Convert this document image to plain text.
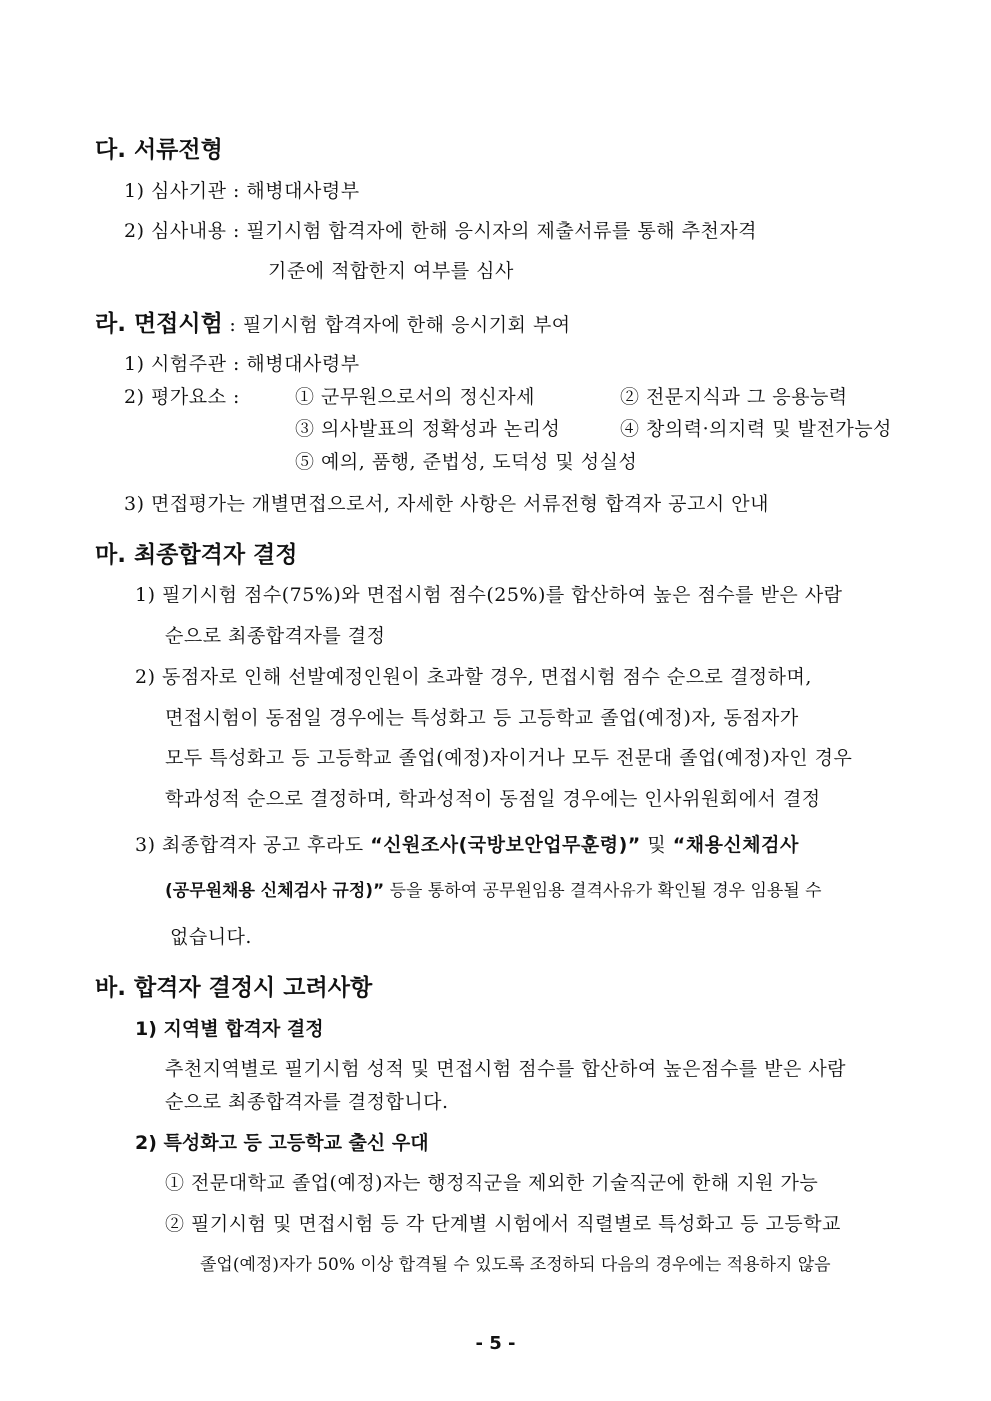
다. 서류전형
1) 심사기관 : 해병대사령부
2) 심사내용 : 필기시험 합격자에 한해 응시자의 제출서류를 통해 추천자격
기준에 적합한지 여부를 심사
라. 면접시험 : 필기시험 합격자에 한해 응시기회 부여
1) 시험주관 : 해병대사령부
2) 평가요소 :	① 군무원으로서의 정신자세	② 전문지식과 그 응용능력
③ 의사발표의 정확성과 논리성	④ 창의력·의지력 및 발전가능성
⑤ 예의, 품행, 준법성, 도덕성 및 성실성
3) 면접평가는 개별면접으로서, 자세한 사항은 서류전형 합격자 공고시 안내
마. 최종합격자 결정
1) 필기시험 점수(75%)와 면접시험 점수(25%)를 합산하여 높은 점수를 받은 사람
순으로 최종합격자를 결정
2) 동점자로 인해 선발예정인원이 초과할 경우, 면접시험 점수 순으로 결정하며,
면접시험이 동점일 경우에는 특성화고 등 고등학교 졸업(예정)자, 동점자가
모두 특성화고 등 고등학교 졸업(예정)자이거나 모두 전문대 졸업(예정)자인 경우
학과성적 순으로 결정하며, 학과성적이 동점일 경우에는 인사위원회에서 결정
3) 최종합격자 공고 후라도 “신원조사(국방보안업무훈령)” 및 “채용신체검사
(공무원채용 신체검사 규정)” 등을 통하여 공무원임용 결격사유가 확인될 경우 임용될 수
없습니다.
바. 합격자 결정시 고려사항
1) 지역별 합격자 결정
추천지역별로 필기시험 성적 및 면접시험 점수를 합산하여 높은점수를 받은 사람
순으로 최종합격자를 결정합니다.
2) 특성화고 등 고등학교 출신 우대
① 전문대학교 졸업(예정)자는 행정직군을 제외한 기술직군에 한해 지원 가능
② 필기시험 및 면접시험 등 각 단계별 시험에서 직렬별로 특성화고 등 고등학교
졸업(예정)자가 50% 이상 합격될 수 있도록 조정하되 다음의 경우에는 적용하지 않음
- 5 -
